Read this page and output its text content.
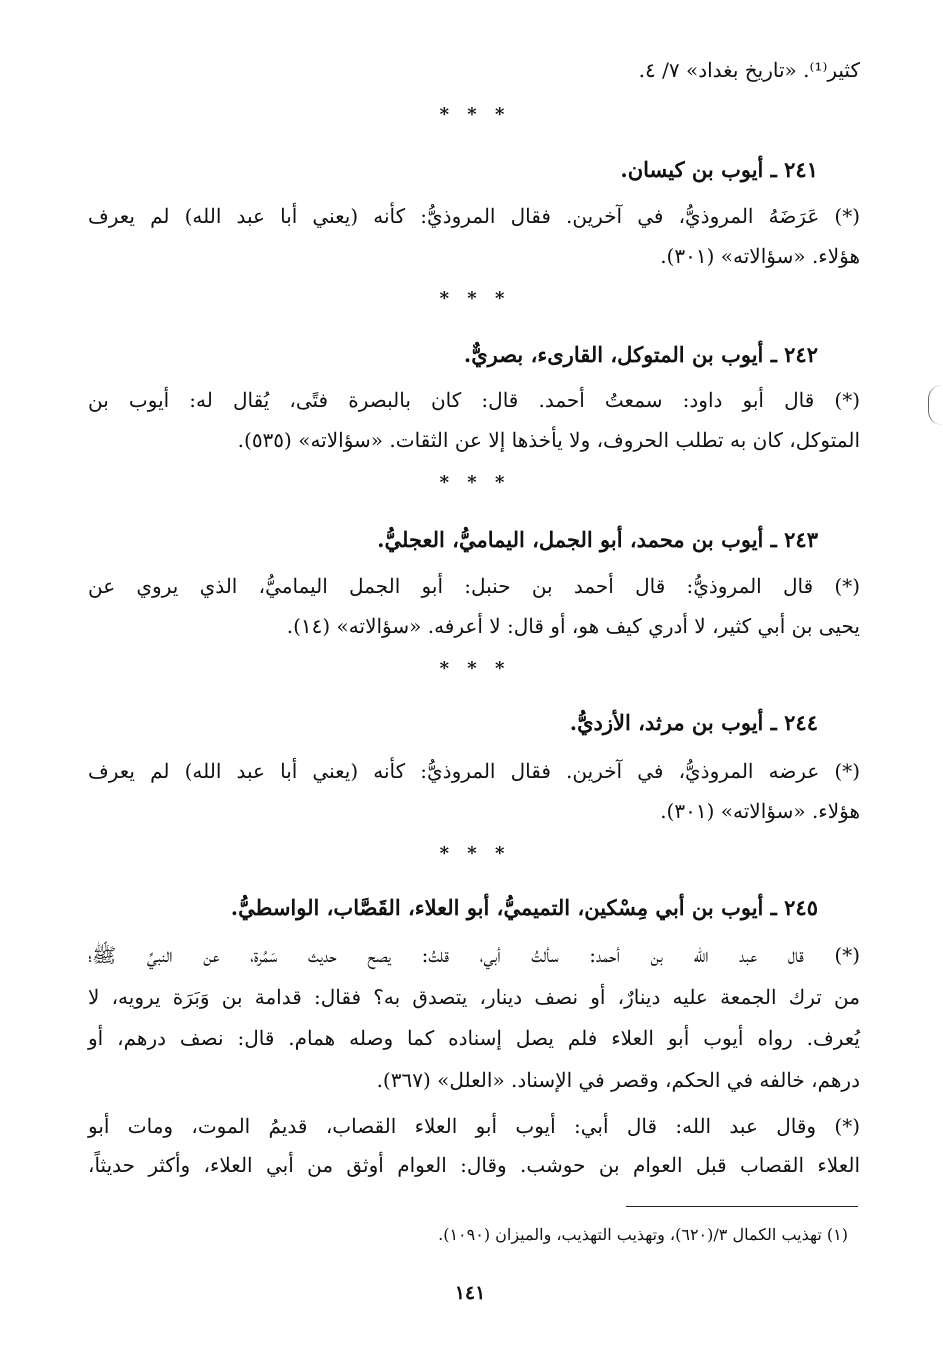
كثير⁽¹⁾. «تاريخ بغداد» ٧/ ٤.
* * *
٢٤١ ـ أيوب بن كيسان.
(*) عَرَضَهُ المروذيُّ، في آخرين. فقال المروذيُّ: كأنه (يعني أبا عبد الله) لم يعرف
هؤلاء. «سؤالاته» (٣٠١).
* * *
٢٤٢ ـ أيوب بن المتوكل، القارىء، بصريٌّ.
(*) قال أبو داود: سمعتُ أحمد. قال: كان بالبصرة فتًى، يُقال له: أيوب بن
المتوكل، كان به تطلب الحروف، ولا يأخذها إلا عن الثقات. «سؤالاته» (٥٣٥).
* * *
٢٤٣ ـ أيوب بن محمد، أبو الجمل، اليماميُّ، العجليُّ.
(*) قال المروذيُّ: قال أحمد بن حنبل: أبو الجمل اليماميُّ، الذي يروي عن
يحيى بن أبي كثير، لا أدري كيف هو، أو قال: لا أعرفه. «سؤالاته» (١٤).
* * *
٢٤٤ ـ أيوب بن مرثد، الأزديُّ.
(*) عرضه المروذيُّ، في آخرين. فقال المروذيُّ: كأنه (يعني أبا عبد الله) لم يعرف
هؤلاء. «سؤالاته» (٣٠١).
* * *
٢٤٥ ـ أيوب بن أبي مِسْكين، التميميُّ، أبو العلاء، القَصَّاب، الواسطيُّ.
(*) قال عبد الله بن أحمد: سألتُ أبي، قلتُ: يصح حديث سَمُرة، عن النبيِّ ﷺ؛
من ترك الجمعة عليه دينارٌ، أو نصف دينار، يتصدق به؟ فقال: قدامة بن وَبَرَة يرويه، لا
يُعرف. رواه أيوب أبو العلاء فلم يصل إسناده كما وصله همام. قال: نصف درهم، أو
درهم، خالفه في الحكم، وقصر في الإسناد. «العلل» (٣٦٧).
(*) وقال عبد الله: قال أبي: أيوب أبو العلاء القصاب، قديمُ الموت، ومات أبو
العلاء القصاب قبل العوام بن حوشب. وقال: العوام أوثق من أبي العلاء، وأكثر حديثاً،
(١) تهذيب الكمال ٣/(٦٢٠)، وتهذيب التهذيب، والميزان (١٠٩٠).
١٤١
